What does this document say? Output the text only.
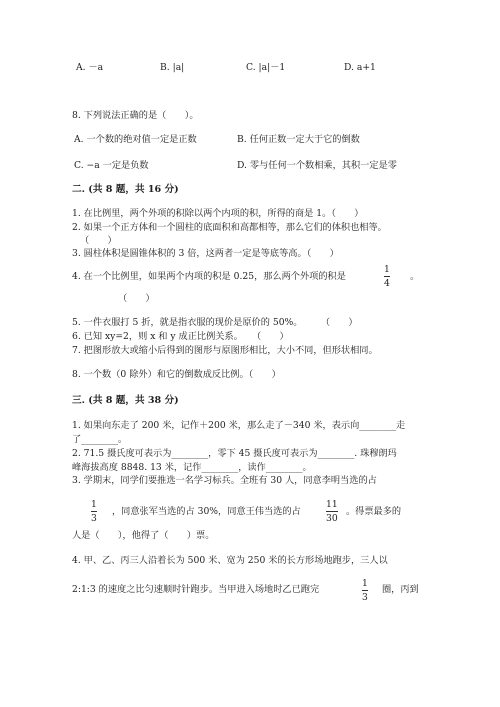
A. －a	B. |a|	C. |a|－1	D. a+1
8. 下列说法正确的是（　　）。
A. 一个数的绝对值一定是正数	B. 任何正数一定大于它的倒数
C. −a 一定是负数	D. 零与任何一个数相乘，其积一定是零
二. (共 8 题，共 16 分)
1. 在比例里，两个外项的积除以两个内项的积，所得的商是 1。（　　）
2. 如果一个正方体和一个圆柱的底面积和高都相等，那么它们的体积也相等。
（　　）
3. 圆柱体积是圆锥体积的 3 倍，这两者一定是等底等高。（　　）
4. 在一个比例里，如果两个内项的积是 0.25，那么两个外项的积是
1
4
。
（　　）
5. 一件衣服打 5 折，就是指衣服的现价是原价的 50%。　　　（　　）
6. 已知 xy=2，则 x 和 y 成正比例关系。　　（　　）
7. 把图形放大或缩小后得到的图形与原图形相比，大小不同，但形状相同。
8. 一个数（0 除外）和它的倒数成反比例。（　　）
三. (共 8 题，共 38 分)
1. 如果向东走了 200 米，记作＋200 米，那么走了－340 米，表示向________走
了________。
2. 71.5 摄氏度可表示为________，零下 45 摄氏度可表示为________. 珠穆朗玛
峰海拔高度 8848. 13 米，记作________，读作________。
3. 学期末，同学们要推选一名学习标兵。全班有 30 人，同意李明当选的占
1
3
，同意张军当选的占 30%，同意王伟当选的占
11
30
。得票最多的
人是（　　），他得了（　　）票。
4. 甲、乙、丙三人沿着长为 500 米、宽为 250 米的长方形场地跑步，三人以
2:1:3 的速度之比匀速顺时针跑步。当甲进入场地时乙已跑完
1
3
圈，丙到
